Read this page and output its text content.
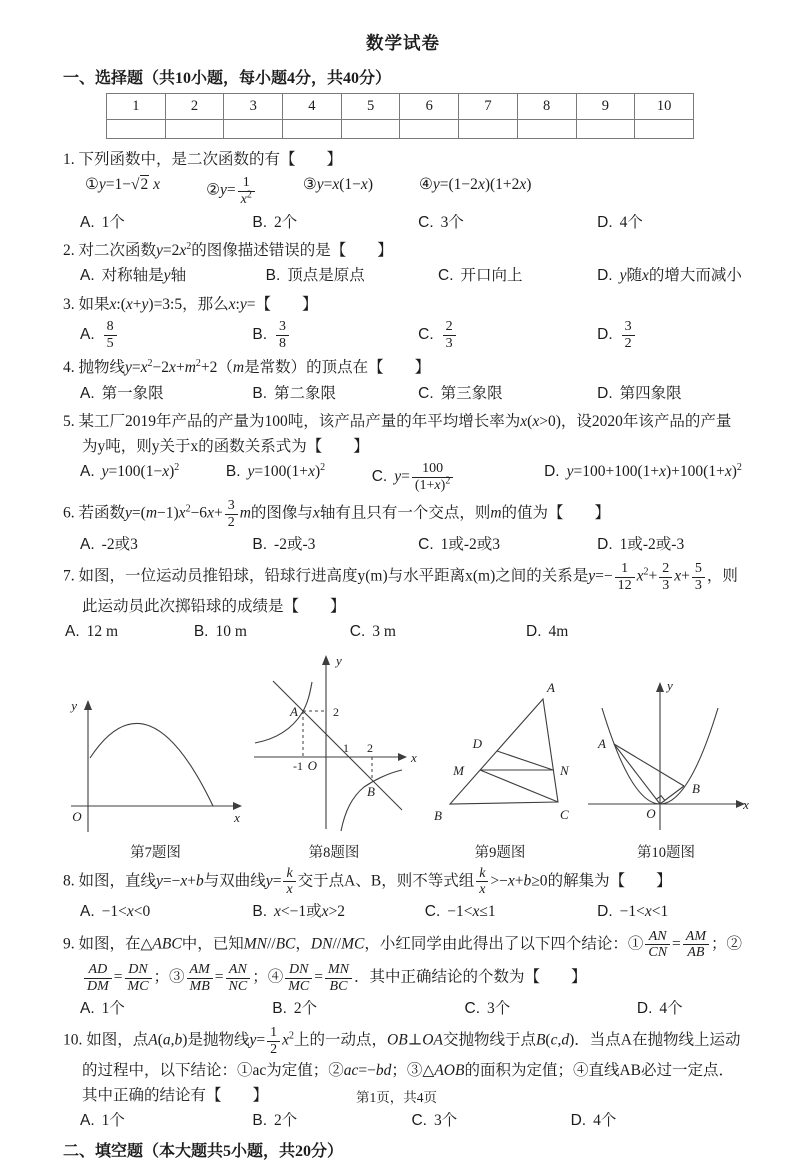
数学试卷
一、选择题（共10小题，每小题4分，共40分）
1	2	3	4	5	6	7	8	9	10

1. 下列函数中，是二次函数的有【　　】
①y=1−√2 x	②y= $\frac{1}{x^2}$	③y=x(1−x)	④y=(1−2x)(1+2x)
A. 1个	B. 2个	C. 3个	D. 4个
2. 对二次函数$y=2x^2$的图像描述错误的是【　　】
A. 对称轴是y轴	B. 顶点是原点	C. 开口向上	D. y随x的增大而减小
3. 如果x:(x+y)=3:5，那么x:y=【　　】
A. $\frac{8}{5}$	B. $\frac{3}{8}$	C. $\frac{2}{3}$	D. $\frac{3}{2}$
4. 抛物线$y=x^2-2x+m^2+2(m$是常数）的顶点在【　　】
A. 第一象限	B. 第二象限	C. 第三象限	D. 第四象限
5. 某工厂2019年产品的产量为100吨，该产品产量的年平均增长率为x(x>0)，设2020年该产品的产量
为y吨，则y关于x的函数关系式为【　　】
A. $y=100(1-x)^2$	B. $y=100(1+x)^2$
C. $y= \frac{100}{(1+x)^2}$	D. $y=100+100(1+x)+100(1+x)^2$
6. 若函数$y=(m-1)x^2-6x+ \frac{3}{2}$ m的图像与x轴有且只有一个交点，则m的值为【　　】
A. -2或3	B. -2或-3	C. 1或-2或3	D. 1或-2或-3
7. 如图，一位运动员推铅球，铅球行进高度y(m)与水平距离x(m)之间的关系是$y=- \frac{1}{12} x^2+ \frac{2}{3} x+ \frac{5}{3}$ ，则
此运动员此次掷铅球的成绩是【　　】
A. 12 m	B. 10 m	C. 3 m	D. 4m
y
x
O
第7题图
y
x
O
A
B
2
-1
1 2
第8题图
A
B	C
D
M	N
第9题图
y
x
O
A
B
第10题图
8. 如图，直线y=−x+b与双曲线$y= \frac{k}{x}$ 交于点A、B，则不等式组 $\frac{k}{x} >-x+b\ge 0$的解集为【　　】
A. −1<x<0	B. x<−1或x>2	C. −1<x≤1	D. −1<x<1
9. 如图，在△ABC中，已知MN//BC，DN//MC，小红同学由此得出了以下四个结论：① $\frac{AN}{CN} = \frac{AM}{AB}$ ；②
$\frac{AD}{DM} = \frac{DN}{MC}$ ；③ $\frac{AM}{MB} = \frac{AN}{NC}$ ；④ $\frac{DN}{MC} = \frac{MN}{BC}$ ．其中正确结论的个数为【　　】
A. 1个	B. 2个	C. 3个	D. 4个
10. 如图，点A(a,b)是抛物线$y= \frac{1}{2} x^2$上的一动点，OB⊥OA交抛物线于点B(c,d)．当点A在抛物线上运动
的过程中，以下结论：①ac为定值；②ac=−bd；③△AOB的面积为定值；④直线AB必过一定点．
其中正确的结论有【　　】
A. 1个	B. 2个	C. 3个	D. 4个
二、填空题（本大题共5小题，共20分）
第1页，共4页
